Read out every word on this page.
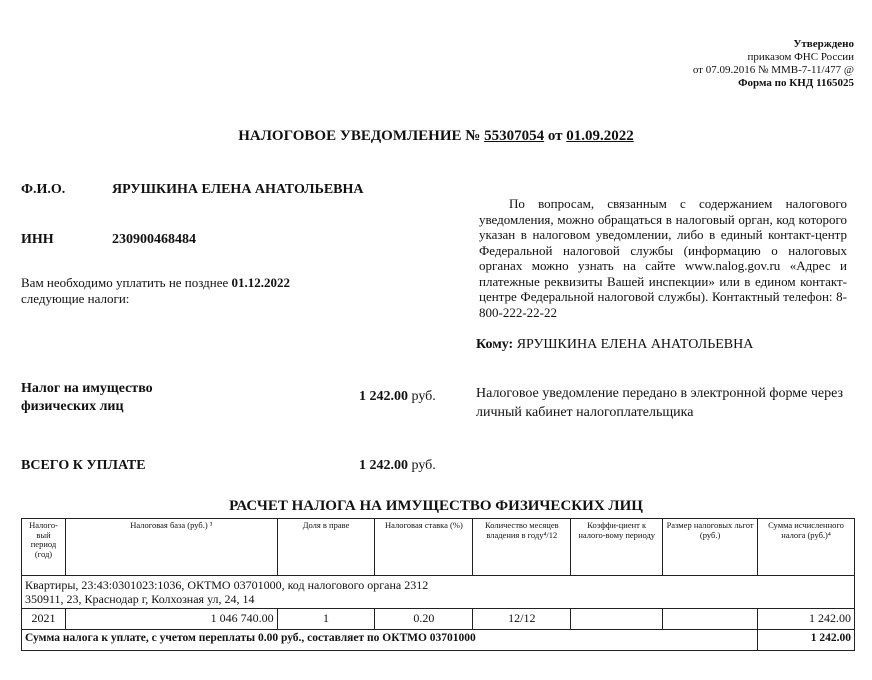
Утверждено
приказом ФНС России
от 07.09.2016 № ММВ-7-11/477 @
Форма по КНД 1165025
НАЛОГОВОЕ УВЕДОМЛЕНИЕ № 55307054 от 01.09.2022
Ф.И.О.	ЯРУШКИНА ЕЛЕНА АНАТОЛЬЕВНА
ИНН	230900468484
Вам необходимо уплатить не позднее 01.12.2022
следующие налоги:
По вопросам, связанным с содержанием налогового уведомления, можно обращаться в налоговый орган, код которого указан в налоговом уведомлении, либо в единый контакт-центр Федеральной налоговой службы (информацию о налоговых органах можно узнать на сайте www.nalog.gov.ru «Адрес и платежные реквизиты Вашей инспекции» или в едином контакт-центре Федеральной налоговой службы). Контактный телефон: 8-800-222-22-22
Кому: ЯРУШКИНА ЕЛЕНА АНАТОЛЬЕВНА
Налог на имущество
физических лиц
1 242.00 руб.	Налоговое уведомление передано в электронной форме через личный кабинет налогоплательщика
ВСЕГО К УПЛАТЕ	1 242.00 руб.
РАСЧЕТ НАЛОГА НА ИМУЩЕСТВО ФИЗИЧЕСКИХ ЛИЦ
Налого-вый период (год)	Налоговая база (руб.) ³	Доля в праве	Налоговая ставка (%)	Количество месяцев владения в году⁴/12	Коэффи-циент к налого-вому периоду	Размер налоговых льгот (руб.)	Сумма исчисленного налога (руб.)⁴

Квартиры, 23:43:0301023:1036, ОКТМО 03701000, код налогового органа 2312
350911, 23, Краснодар г, Колхозная ул, 24, 14							

2021	1 046 740.00	1	0.20	12/12			1 242.00
Сумма налога к уплате, с учетом переплаты 0.00 руб., составляет по ОКТМО 03701000							1 242.00
